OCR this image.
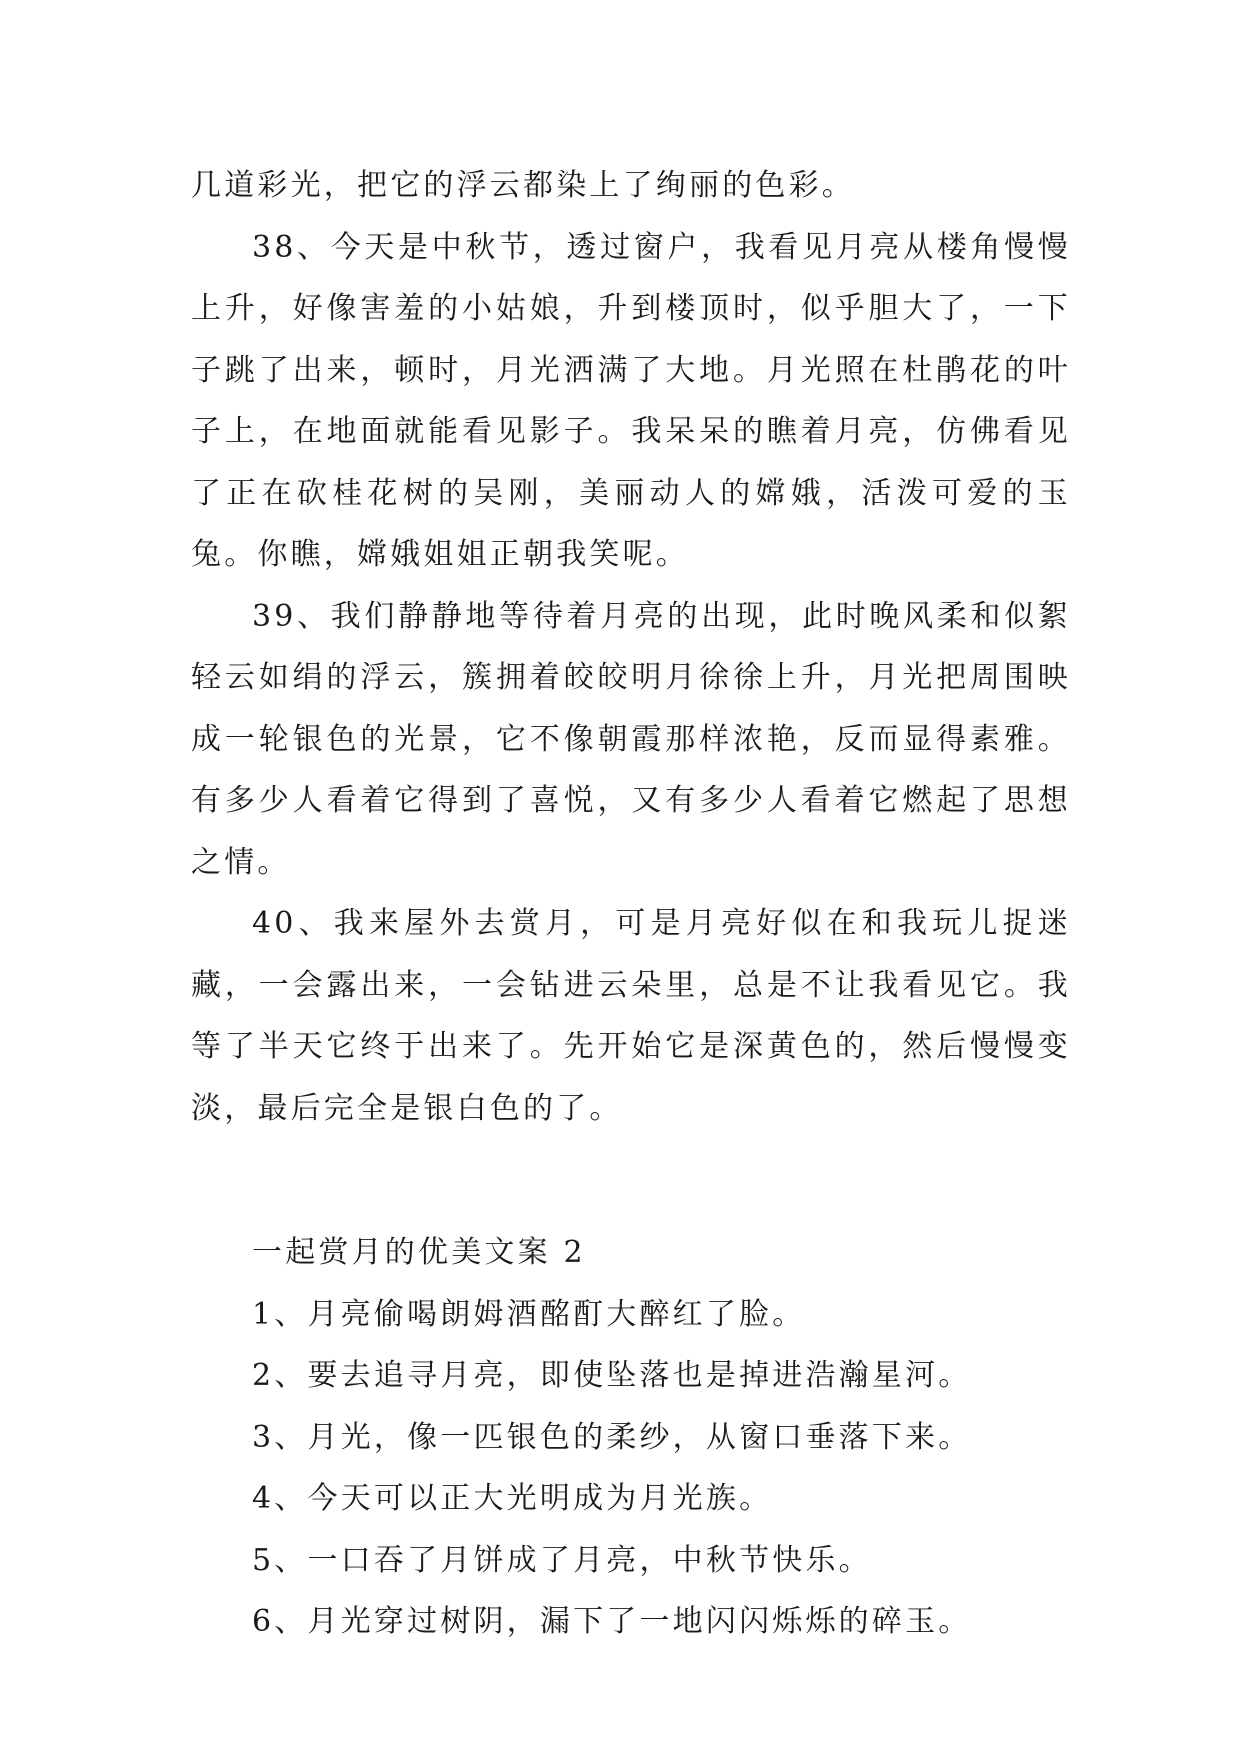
几道彩光，把它的浮云都染上了绚丽的色彩。

38、今天是中秋节，透过窗户，我看见月亮从楼角慢慢上升，好像害羞的小姑娘，升到楼顶时，似乎胆大了，一下子跳了出来，顿时，月光洒满了大地。月光照在杜鹃花的叶子上，在地面就能看见影子。我呆呆的瞧着月亮，仿佛看见了正在砍桂花树的吴刚，美丽动人的嫦娥，活泼可爱的玉兔。你瞧，嫦娥姐姐正朝我笑呢。

39、我们静静地等待着月亮的出现，此时晚风柔和似絮轻云如绢的浮云，簇拥着皎皎明月徐徐上升，月光把周围映成一轮银色的光景，它不像朝霞那样浓艳，反而显得素雅。有多少人看着它得到了喜悦，又有多少人看着它燃起了思想之情。

40、我来屋外去赏月，可是月亮好似在和我玩儿捉迷藏，一会露出来，一会钻进云朵里，总是不让我看见它。我等了半天它终于出来了。先开始它是深黄色的，然后慢慢变淡，最后完全是银白色的了。

一起赏月的优美文案 2

1、月亮偷喝朗姆酒酩酊大醉红了脸。

2、要去追寻月亮，即使坠落也是掉进浩瀚星河。

3、月光，像一匹银色的柔纱，从窗口垂落下来。

4、今天可以正大光明成为月光族。

5、一口吞了月饼成了月亮，中秋节快乐。

6、月光穿过树阴，漏下了一地闪闪烁烁的碎玉。
